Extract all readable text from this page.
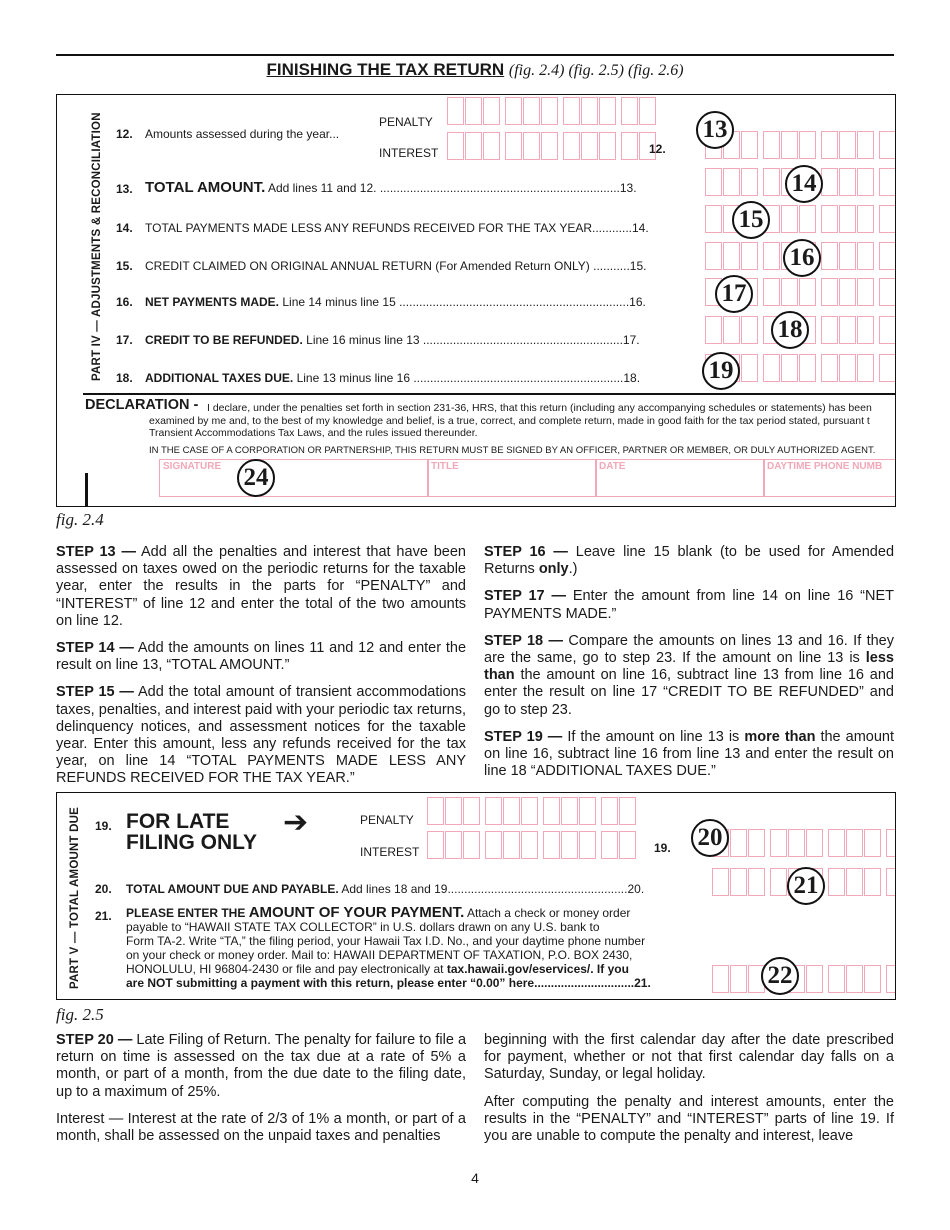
FINISHING THE TAX RETURN (fig. 2.4) (fig. 2.5) (fig. 2.6)
PART IV — ADJUSTMENTS & RECONCILIATION 12. Amounts assessed during the year...
PENALTY
INTEREST	12.
13
13. TOTAL AMOUNT. Add lines 11 and 12. ........................................................................13.	14
14. TOTAL PAYMENTS MADE LESS ANY REFUNDS RECEIVED FOR THE TAX YEAR............14.	15
15. CREDIT CLAIMED ON ORIGINAL ANNUAL RETURN (For Amended Return ONLY) ...........15.	16
16. NET PAYMENTS MADE. Line 14 minus line 15 .....................................................................16.	17
17. CREDIT TO BE REFUNDED. Line 16 minus line 13 ............................................................17.	18
18. ADDITIONAL TAXES DUE. Line 13 minus line 16 ...............................................................18.	19
DECLARATION - I declare, under the penalties set forth in section 231-36, HRS, that this return (including any accompanying schedules or statements) has been
examined by me and, to the best of my knowledge and belief, is a true, correct, and complete return, made in good faith for the tax period stated, pursuant t
Transient Accommodations Tax Laws, and the rules issued thereunder.
IN THE CASE OF A CORPORATION OR PARTNERSHIP, THIS RETURN MUST BE SIGNED BY AN OFFICER, PARTNER OR MEMBER, OR DULY AUTHORIZED AGENT.
SIGNATURE	TITLE	DATE	DAYTIME PHONE NUMB
24
fig. 2.4

STEP 13 — Add all the penalties and interest that have been assessed on taxes owed on the periodic returns for the taxable year, enter the results in the parts for “PENALTY” and “INTEREST” of line 12 and enter the total of the two amounts on line 12.

STEP 14 — Add the amounts on lines 11 and 12 and enter the result on line 13, “TOTAL AMOUNT.”

STEP 15 — Add the total amount of transient accommodations taxes, penalties, and interest paid with your periodic tax returns, delinquency notices, and assessment notices for the taxable year. Enter this amount, less any refunds received for the tax year, on line 14 “TOTAL PAYMENTS MADE LESS ANY REFUNDS RECEIVED FOR THE TAX YEAR.”

STEP 16 — Leave line 15 blank (to be used for Amended Returns only.)

STEP 17 — Enter the amount from line 14 on line 16 “NET PAYMENTS MADE.”

STEP 18 — Compare the amounts on lines 13 and 16. If they are the same, go to step 23. If the amount on line 13 is less than the amount on line 16, subtract line 13 from line 16 and enter the result on line 17 “CREDIT TO BE REFUNDED” and go to step 23.

STEP 19 — If the amount on line 13 is more than the amount on line 16, subtract line 16 from line 13 and enter the result on line 18 “ADDITIONAL TAXES DUE.”

PART V — TOTAL AMOUNT DUE 19. FOR LATE
FILING ONLY
➔	PENALTY
INTEREST	19. 20
20. TOTAL AMOUNT DUE AND PAYABLE. Add lines 18 and 19......................................................20.	21
21. PLEASE ENTER THE AMOUNT OF YOUR PAYMENT. Attach a check or money order
payable to “HAWAII STATE TAX COLLECTOR” in U.S. dollars drawn on any U.S. bank to
Form TA-2. Write “TA,” the filing period, your Hawaii Tax I.D. No., and your daytime phone number
on your check or money order. Mail to: HAWAII DEPARTMENT OF TAXATION, P.O. BOX 2430,
HONOLULU, HI 96804-2430 or file and pay electronically at tax.hawaii.gov/eservices/. If you
are NOT submitting a payment with this return, please enter “0.00” here..............................21.	22
fig. 2.5

STEP 20 — Late Filing of Return. The penalty for failure to file a return on time is assessed on the tax due at a rate of 5% a month, or part of a month, from the due date to the filing date, up to a maximum of 25%.

Interest — Interest at the rate of 2/3 of 1% a month, or part of a month, shall be assessed on the unpaid taxes and penalties

beginning with the first calendar day after the date prescribed for payment, whether or not that first calendar day falls on a Saturday, Sunday, or legal holiday.

After computing the penalty and interest amounts, enter the results in the “PENALTY” and “INTEREST” parts of line 19. If you are unable to compute the penalty and interest, leave

4
